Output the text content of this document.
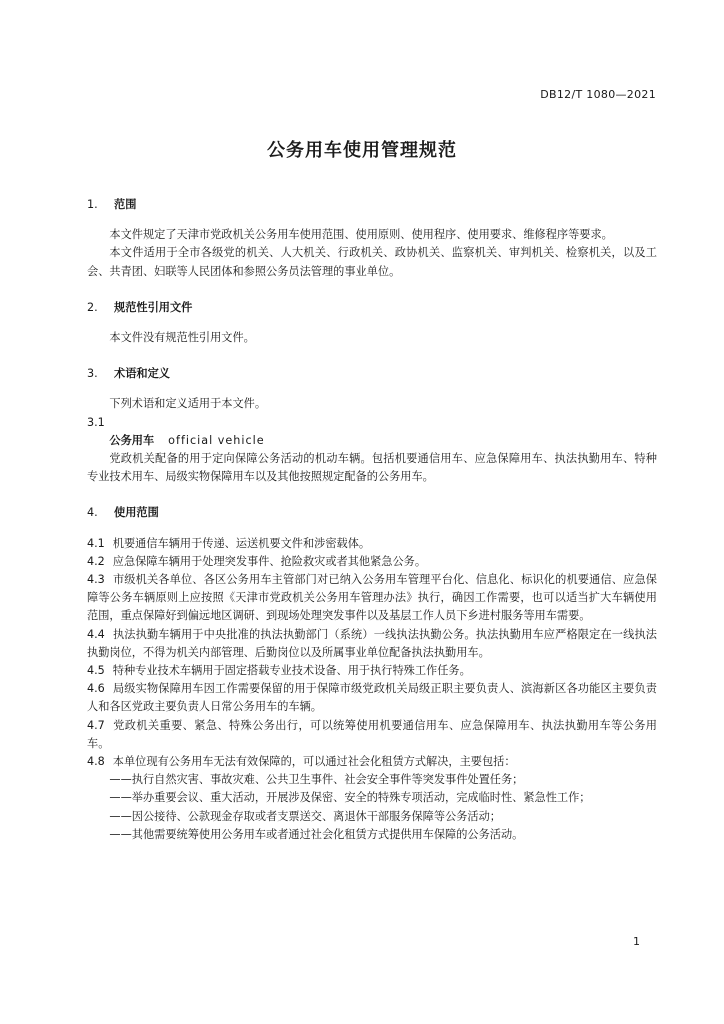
DB12/T 1080—2021
公务用车使用管理规范

1.	范围

本文件规定了天津市党政机关公务用车使用范围、使用原则、使用程序、使用要求、维修程序等要求。

本文件适用于全市各级党的机关、人大机关、行政机关、政协机关、监察机关、审判机关、检察机关，以及工会、共青团、妇联等人民团体和参照公务员法管理的事业单位。

2.	规范性引用文件

本文件没有规范性引用文件。

3.	术语和定义

下列术语和定义适用于本文件。

3.1

公务用车 official vehicle

党政机关配备的用于定向保障公务活动的机动车辆。包括机要通信用车、应急保障用车、执法执勤用车、特种专业技术用车、局级实物保障用车以及其他按照规定配备的公务用车。

4.	使用范围

4.1 机要通信车辆用于传递、运送机要文件和涉密载体。

4.2 应急保障车辆用于处理突发事件、抢险救灾或者其他紧急公务。

4.3 市级机关各单位、各区公务用车主管部门对已纳入公务用车管理平台化、信息化、标识化的机要通信、应急保障等公务车辆原则上应按照《天津市党政机关公务用车管理办法》执行，确因工作需要，也可以适当扩大车辆使用范围，重点保障好到偏远地区调研、到现场处理突发事件以及基层工作人员下乡进村服务等用车需要。

4.4 执法执勤车辆用于中央批准的执法执勤部门（系统）一线执法执勤公务。执法执勤用车应严格限定在一线执法执勤岗位，不得为机关内部管理、后勤岗位以及所属事业单位配备执法执勤用车。

4.5 特种专业技术车辆用于固定搭载专业技术设备、用于执行特殊工作任务。

4.6 局级实物保障用车因工作需要保留的用于保障市级党政机关局级正职主要负责人、滨海新区各功能区主要负责人和各区党政主要负责人日常公务用车的车辆。

4.7 党政机关重要、紧急、特殊公务出行，可以统筹使用机要通信用车、应急保障用车、执法执勤用车等公务用车。

4.8 本单位现有公务用车无法有效保障的，可以通过社会化租赁方式解决，主要包括：

——执行自然灾害、事故灾难、公共卫生事件、社会安全事件等突发事件处置任务；

——举办重要会议、重大活动，开展涉及保密、安全的特殊专项活动，完成临时性、紧急性工作；

——因公接待、公款现金存取或者支票送交、离退休干部服务保障等公务活动；

——其他需要统筹使用公务用车或者通过社会化租赁方式提供用车保障的公务活动。

1
